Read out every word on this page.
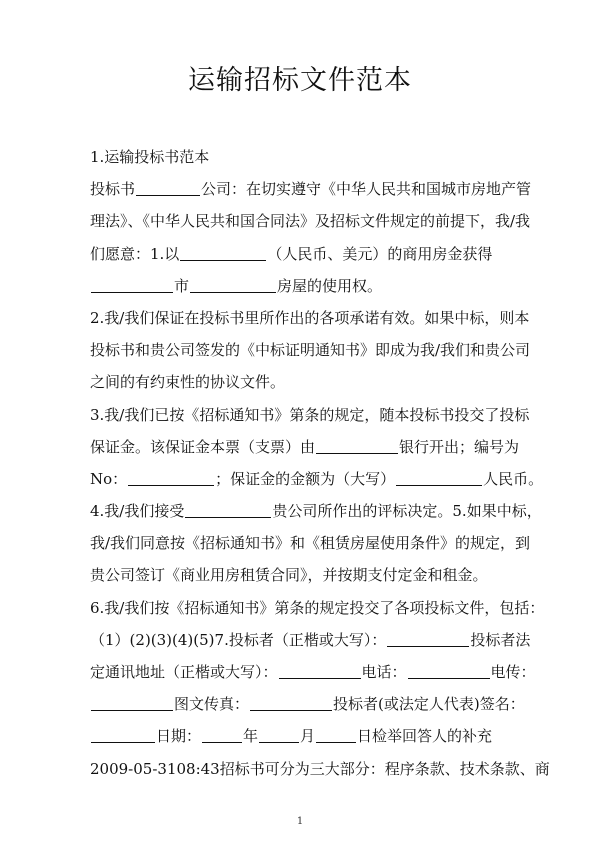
运输招标文件范本
1.运输投标书范本
投标书	公司：在切实遵守《中华人民共和国城市房地产管
理法》、《中华人民共和国合同法》及招标文件规定的前提下，我/我
们愿意：1.以	（人民币、美元）的商用房金获得
市	房屋的使用权。
2.我/我们保证在投标书里所作出的各项承诺有效。如果中标，则本
投标书和贵公司签发的《中标证明通知书》即成为我/我们和贵公司
之间的有约束性的协议文件。
3.我/我们已按《招标通知书》第条的规定，随本投标书投交了投标
保证金。该保证金本票（支票）由	银行开出；编号为
No：	；保证金的金额为（大写）	人民币。
4.我/我们接受	贵公司所作出的评标决定。5.如果中标，
我/我们同意按《招标通知书》和《租赁房屋使用条件》的规定，到
贵公司签订《商业用房租赁合同》，并按期支付定金和租金。
6.我/我们按《招标通知书》第条的规定投交了各项投标文件，包括：
（1）(2)(3)(4)(5)7.投标者（正楷或大写）：	投标者法
定通讯地址（正楷或大写）：	电话：	电传：
图文传真：	投标者(或法定人代表)签名：
日期：	年	月	日检举回答人的补充
2009-05-3108:43招标书可分为三大部分：程序条款、技术条款、商
1
